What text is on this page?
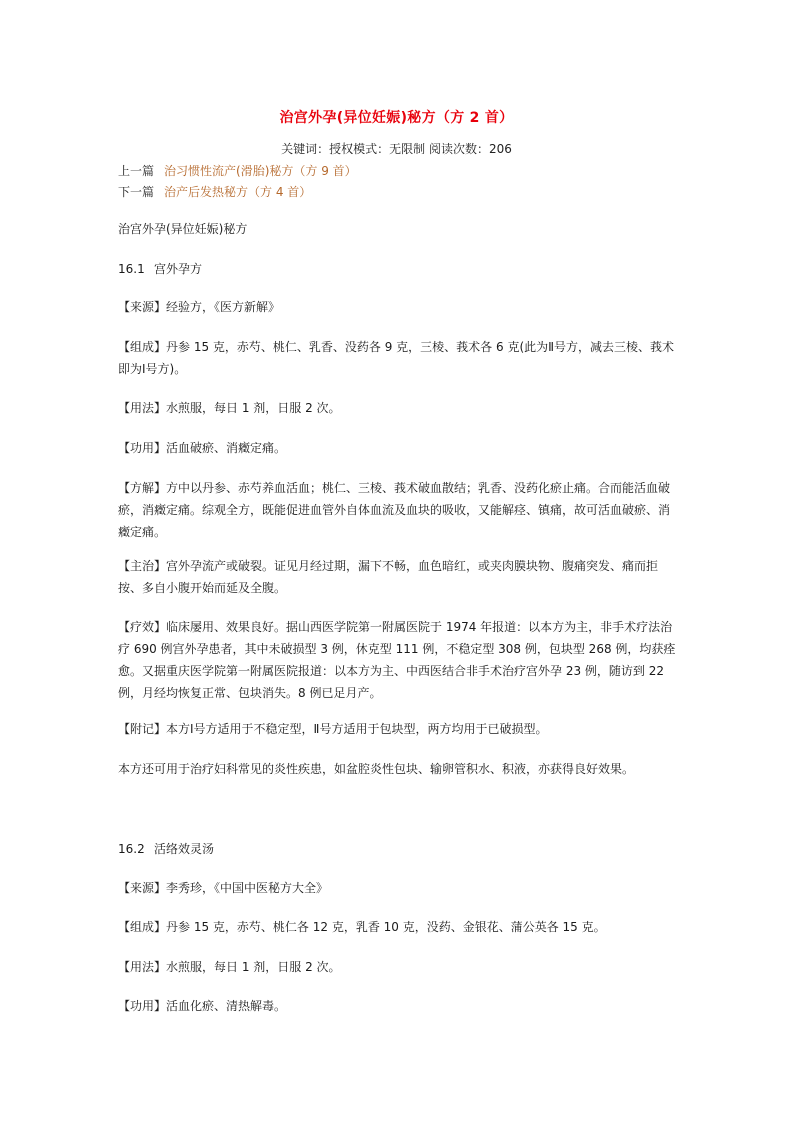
治宫外孕(异位妊娠)秘方（方 2 首）
关键词：授权模式：无限制 阅读次数：206
上一篇 治习惯性流产(滑胎)秘方（方 9 首）
下一篇 治产后发热秘方（方 4 首）
治宫外孕(异位妊娠)秘方
16.1 宫外孕方
【来源】经验方，《医方新解》
【组成】丹参 15 克，赤芍、桃仁、乳香、没药各 9 克，三棱、莪术各 6 克(此为Ⅱ号方，减去三棱、莪术即为Ⅰ号方)。
【用法】水煎服，每日 1 剂，日服 2 次。
【功用】活血破瘀、消癥定痛。
【方解】方中以丹参、赤芍养血活血；桃仁、三棱、莪术破血散结；乳香、没药化瘀止痛。合而能活血破瘀，消癥定痛。综观全方，既能促进血管外自体血流及血块的吸收，又能解痉、镇痛，故可活血破瘀、消癥定痛。
【主治】宫外孕流产或破裂。证见月经过期，漏下不畅，血色暗红，或夹肉膜块物、腹痛突发、痛而拒按、多自小腹开始而延及全腹。
【疗效】临床屡用、效果良好。据山西医学院第一附属医院于 1974 年报道：以本方为主，非手术疗法治疗 690 例宫外孕患者，其中未破损型 3 例，休克型 111 例，不稳定型 308 例，包块型 268 例，均获痊愈。又据重庆医学院第一附属医院报道：以本方为主、中西医结合非手术治疗宫外孕 23 例，随访到 22 例，月经均恢复正常、包块消失。8 例已足月产。
【附记】本方Ⅰ号方适用于不稳定型，Ⅱ号方适用于包块型，两方均用于已破损型。
本方还可用于治疗妇科常见的炎性疾患，如盆腔炎性包块、输卵管积水、积液，亦获得良好效果。
16.2 活络效灵汤
【来源】李秀珍，《中国中医秘方大全》
【组成】丹参 15 克，赤芍、桃仁各 12 克，乳香 10 克，没药、金银花、蒲公英各 15 克。
【用法】水煎服，每日 1 剂，日服 2 次。
【功用】活血化瘀、清热解毒。
